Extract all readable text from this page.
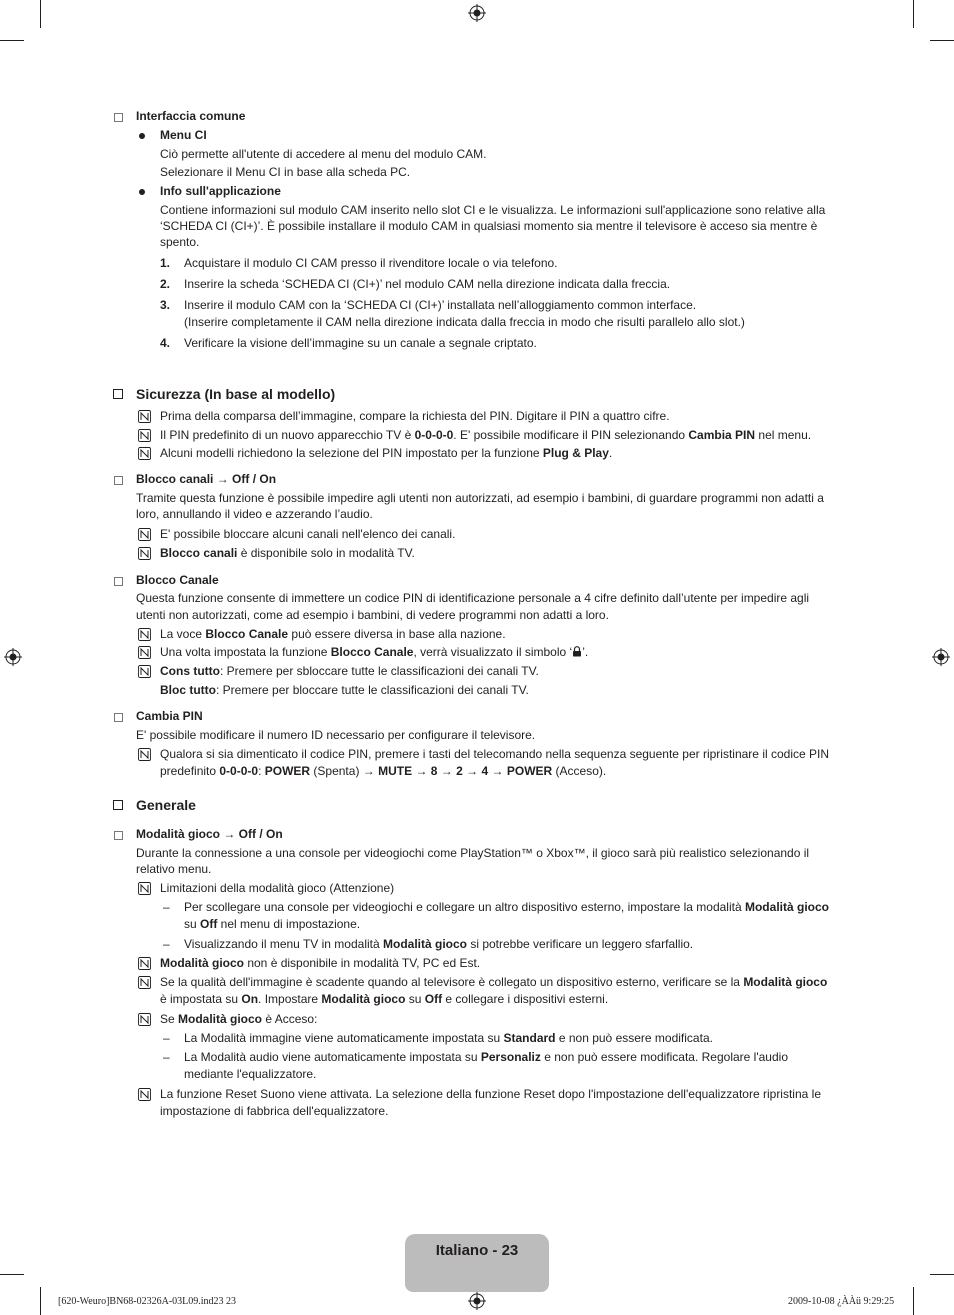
Interfaccia comune
Menu CI
Ciò permette all'utente di accedere al menu del modulo CAM.
Selezionare il Menu CI in base alla scheda PC.
Info sull'applicazione
Contiene informazioni sul modulo CAM inserito nello slot CI e le visualizza. Le informazioni sull'applicazione sono relative alla
‘SCHEDA CI (CI+)’. È possibile installare il modulo CAM in qualsiasi momento sia mentre il televisore è acceso sia mentre è
spento.
1. Acquistare il modulo CI CAM presso il rivenditore locale o via telefono.
2. Inserire la scheda ‘SCHEDA CI (CI+)’ nel modulo CAM nella direzione indicata dalla freccia.
3. Inserire il modulo CAM con la ‘SCHEDA CI (CI+)’ installata nell’alloggiamento common interface.
(Inserire completamente il CAM nella direzione indicata dalla freccia in modo che risulti parallelo allo slot.)
4. Verificare la visione dell’immagine su un canale a segnale criptato.
Sicurezza (In base al modello)
Prima della comparsa dell’immagine, compare la richiesta del PIN. Digitare il PIN a quattro cifre.
Il PIN predefinito di un nuovo apparecchio TV è 0-0-0-0. E' possibile modificare il PIN selezionando Cambia PIN nel menu.
Alcuni modelli richiedono la selezione del PIN impostato per la funzione Plug & Play.
Blocco canali → Off / On
Tramite questa funzione è possibile impedire agli utenti non autorizzati, ad esempio i bambini, di guardare programmi non adatti a
loro, annullando il video e azzerando l’audio.
E' possibile bloccare alcuni canali nell'elenco dei canali.
Blocco canali è disponibile solo in modalità TV.
Blocco Canale
Questa funzione consente di immettere un codice PIN di identificazione personale a 4 cifre definito dall’utente per impedire agli
utenti non autorizzati, come ad esempio i bambini, di vedere programmi non adatti a loro.
La voce Blocco Canale può essere diversa in base alla nazione.
Una volta impostata la funzione Blocco Canale, verrà visualizzato il simbolo ‘ ’.
Cons tutto: Premere per sbloccare tutte le classificazioni dei canali TV.
Bloc tutto: Premere per bloccare tutte le classificazioni dei canali TV.
Cambia PIN
E' possibile modificare il numero ID necessario per configurare il televisore.
Qualora si sia dimenticato il codice PIN, premere i tasti del telecomando nella sequenza seguente per ripristinare il codice PIN
predefinito 0-0-0-0: POWER (Spenta) → MUTE → 8 → 2 → 4 → POWER (Acceso).
Generale
Modalità gioco → Off / On
Durante la connessione a una console per videogiochi come PlayStation™ o Xbox™, il gioco sarà più realistico selezionando il
relativo menu.
Limitazioni della modalità gioco (Attenzione)
– Per scollegare una console per videogiochi e collegare un altro dispositivo esterno, impostare la modalità Modalità gioco
su Off nel menu di impostazione.
– Visualizzando il menu TV in modalità Modalità gioco si potrebbe verificare un leggero sfarfallio.
Modalità gioco non è disponibile in modalità TV, PC ed Est.
Se la qualità dell'immagine è scadente quando al televisore è collegato un dispositivo esterno, verificare se la Modalità gioco
è impostata su On. Impostare Modalità gioco su Off e collegare i dispositivi esterni.
Se Modalità gioco è Acceso:
– La Modalità immagine viene automaticamente impostata su Standard e non può essere modificata.
– La Modalità audio viene automaticamente impostata su Personaliz e non può essere modificata. Regolare l'audio
mediante l'equalizzatore.
La funzione Reset Suono viene attivata. La selezione della funzione Reset dopo l'impostazione dell'equalizzatore ripristina le
impostazione di fabbrica dell'equalizzatore.
Italiano - 23
[620-Weuro]BN68-02326A-03L09.ind23 23	2009-10-08 ¿ÀÀü 9:29:25
